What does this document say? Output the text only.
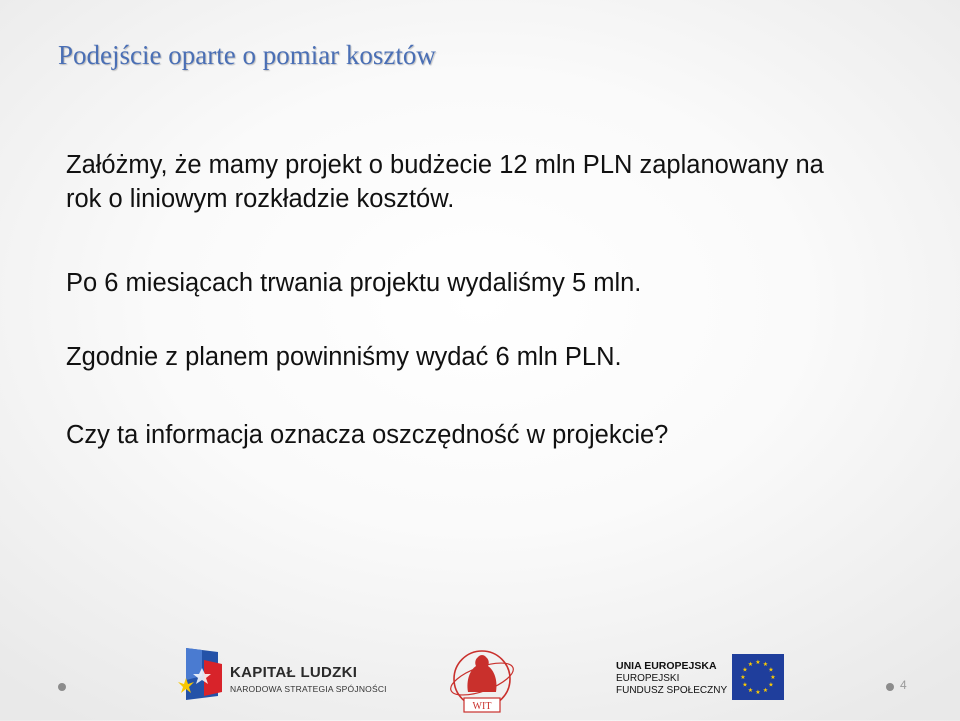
Podejście oparte o pomiar kosztów

Załóżmy, że mamy projekt o budżecie 12 mln PLN zaplanowany na rok o liniowym rozkładzie kosztów.

Po 6 miesiącach trwania projektu wydaliśmy 5 mln.

Zgodnie z planem powinniśmy wydać 6 mln PLN.

Czy ta informacja oznacza oszczędność w projekcie?

4
KAPITAŁ LUDZKI
NARODOWA STRATEGIA SPÓJNOŚCI
WIT
UNIA EUROPEJSKA
EUROPEJSKI
FUNDUSZ SPOŁECZNY
★ ★
★
★
★
★
★
★
★
★
★
★
